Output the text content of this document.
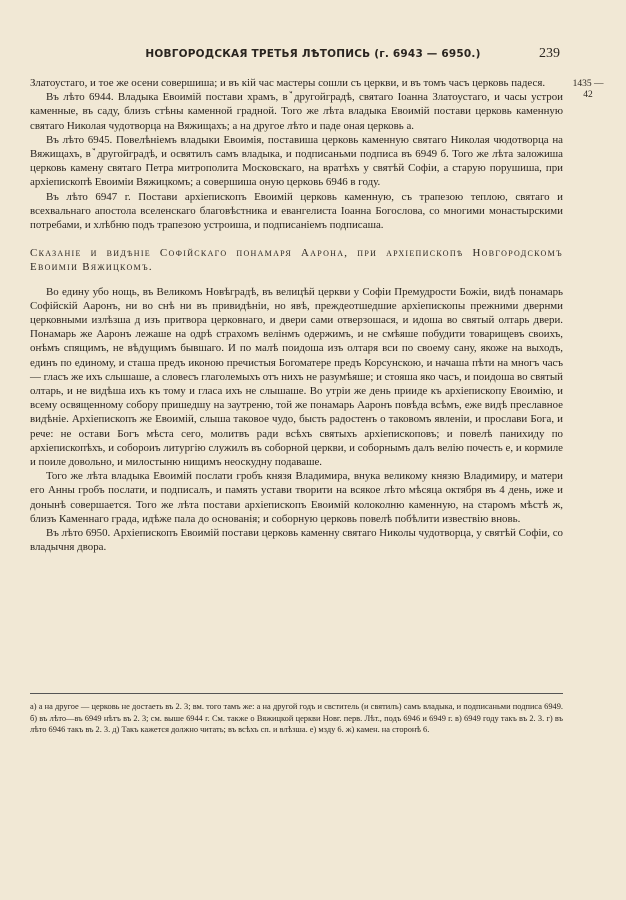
НОВГОРОДСКАЯ ТРЕТЬЯ ЛѢТОПИСЬ (г. 6943 — 6950.)	239
1435 — 42

Златоустаго, и тое же осени совершиша; и въ кій час мастеры сошли съ церкви, и въ томъ часъ церковь падеся.

Въ лѣто 6944. Владыка Евоимій постави храмъ, вꙿдругойградѣ, святаго Іоанна Златоустаго, и часы устрои каменные, въ саду, близъ стѣны каменной градной. Того же лѣта владыка Евоимій постави церковь каменную святаго Николая чудотворца на Вяжищахъ; а на другое лѣто и паде оная церковь а.

Въ лѣто 6945. Повелѣніемъ владыки Евоимія, поставиша церковь каменную святаго Николая чюдотворца на Вяжищахъ, вꙿдругойградѣ, и освятилъ самъ владыка, и подписаньми подписа въ 6949 б. Того же лѣта заложиша церковь камену святаго Петра митрополита Московскаго, на вратѣхъ у святѣй Софіи, а старую порушиша, при архіепископѣ Евоиміи Вяжицкомъ; а совершиша оную церковь 6946 в году.

Въ лѣто 6947 г. Постави архіепископъ Евоимій церковь каменную, съ трапезою теплою, святаго и всехвальнаго апостола вселенскаго благовѣстника и евангелиста Іоанна Богослова, со многими монастырскими потребами, и хлѣбню подъ трапезою устроиша, и подписаніемъ подписаша.

Сказаніе и видѣніе Софійскаго понамаря Аарона, при архіепископѣ Новгородскомъ Евоиміи Вяжицкомъ.

Во едину убо нощь, въ Великомъ Новѣградѣ, въ велицѣй церкви у Софіи Премудрости Божіи, видѣ понамарь Софійскій Ааронъ, ни во снѣ ни въ привидѣніи, но явѣ, преждеотшедшие архіепископы прежними двернми церковными излѣзша д изъ притвора церковнаго, и двери сами отверзошася, и идоша во святый олтарь двери. Понамарь же Ааронъ лежаше на одрѣ страхомъ велінмъ одержимъ, и не смѣяше побудити товарищевъ своихъ, онѣмъ спящимъ, не вѣдущимъ бывшаго. И по малѣ поидоша изъ олтаря вси по своему сану, якоже на выходъ, единъ по единому, и сташа предъ иконою пречистыя Богоматере предъ Корсунскою, и начаша пѣти на многъ часъ — гласъ же ихъ слышаше, а словесъ глаголемыхъ отъ нихъ не разумѣяше; и стояша яко часъ, и поидоша во святый олтарь, и не видѣша ихъ къ тому и гласа ихъ не слышаше. Во утріи же день прииде къ архіепископу Евоимію, и всему освященному собору пришедшу на заутреню, той же понамарь Ааронъ повѣда всѣмъ, еже видѣ преславное видѣніе. Архіепископъ же Евоимій, слыша таковое чудо, бысть радостенъ о таковомъ явленіи, и прослави Бога, и рече: не остави Богъ мѣста сего, молитвъ ради всѣхъ святыхъ архіепископовъ; и повелѣ панихиду по архіепископѣхъ, и собороиъ литургію служилъ въ соборной церкви, и соборнымъ далъ велію почесть е, и кормиле и поиле довольно, и милостыню нищимъ неоскудну подаваше.

Того же лѣта владыка Евоимій послати гробъ князя Владимира, внука великому князю Владимиру, и матери его Анны гробъ послати, и подписалъ, и память устави творити на всякое лѣто мѣсяца октября въ 4 день, иже и донынѣ совершается. Того же лѣта постави архіепископъ Евоимій колоколню каменную, на старомъ мѣстѣ ж, близъ Каменнаго града, идѣже пала до основанія; и соборную церковь повелѣ побѣлити извествію вновь.

Въ лѣто 6950. Архіепископъ Евоимій постави церковь каменну святаго Николы чудотворца, у святѣй Софіи, со владычня двора.

а) а на другое — церковь не достаеть въ 2. 3; вм. того тамъ же: а на другой годъ и свститель (и святилъ) самъ владыка, и подписаньми подписа 6949. б) въ лѣто—въ 6949 нѣтъ въ 2. 3; см. выше 6944 г. См. также о Вяжицкой церкви Новг. перв. Лѣт., подъ 6946 и 6949 г. в) 6949 году такъ въ 2. 3. г) въ лѣто 6946 такъ въ 2. 3. д) Такъ кажется должно читать; въ всѣхъ сп. и влѣзша. е) мзду 6. ж) камен. на сторонѣ 6.
